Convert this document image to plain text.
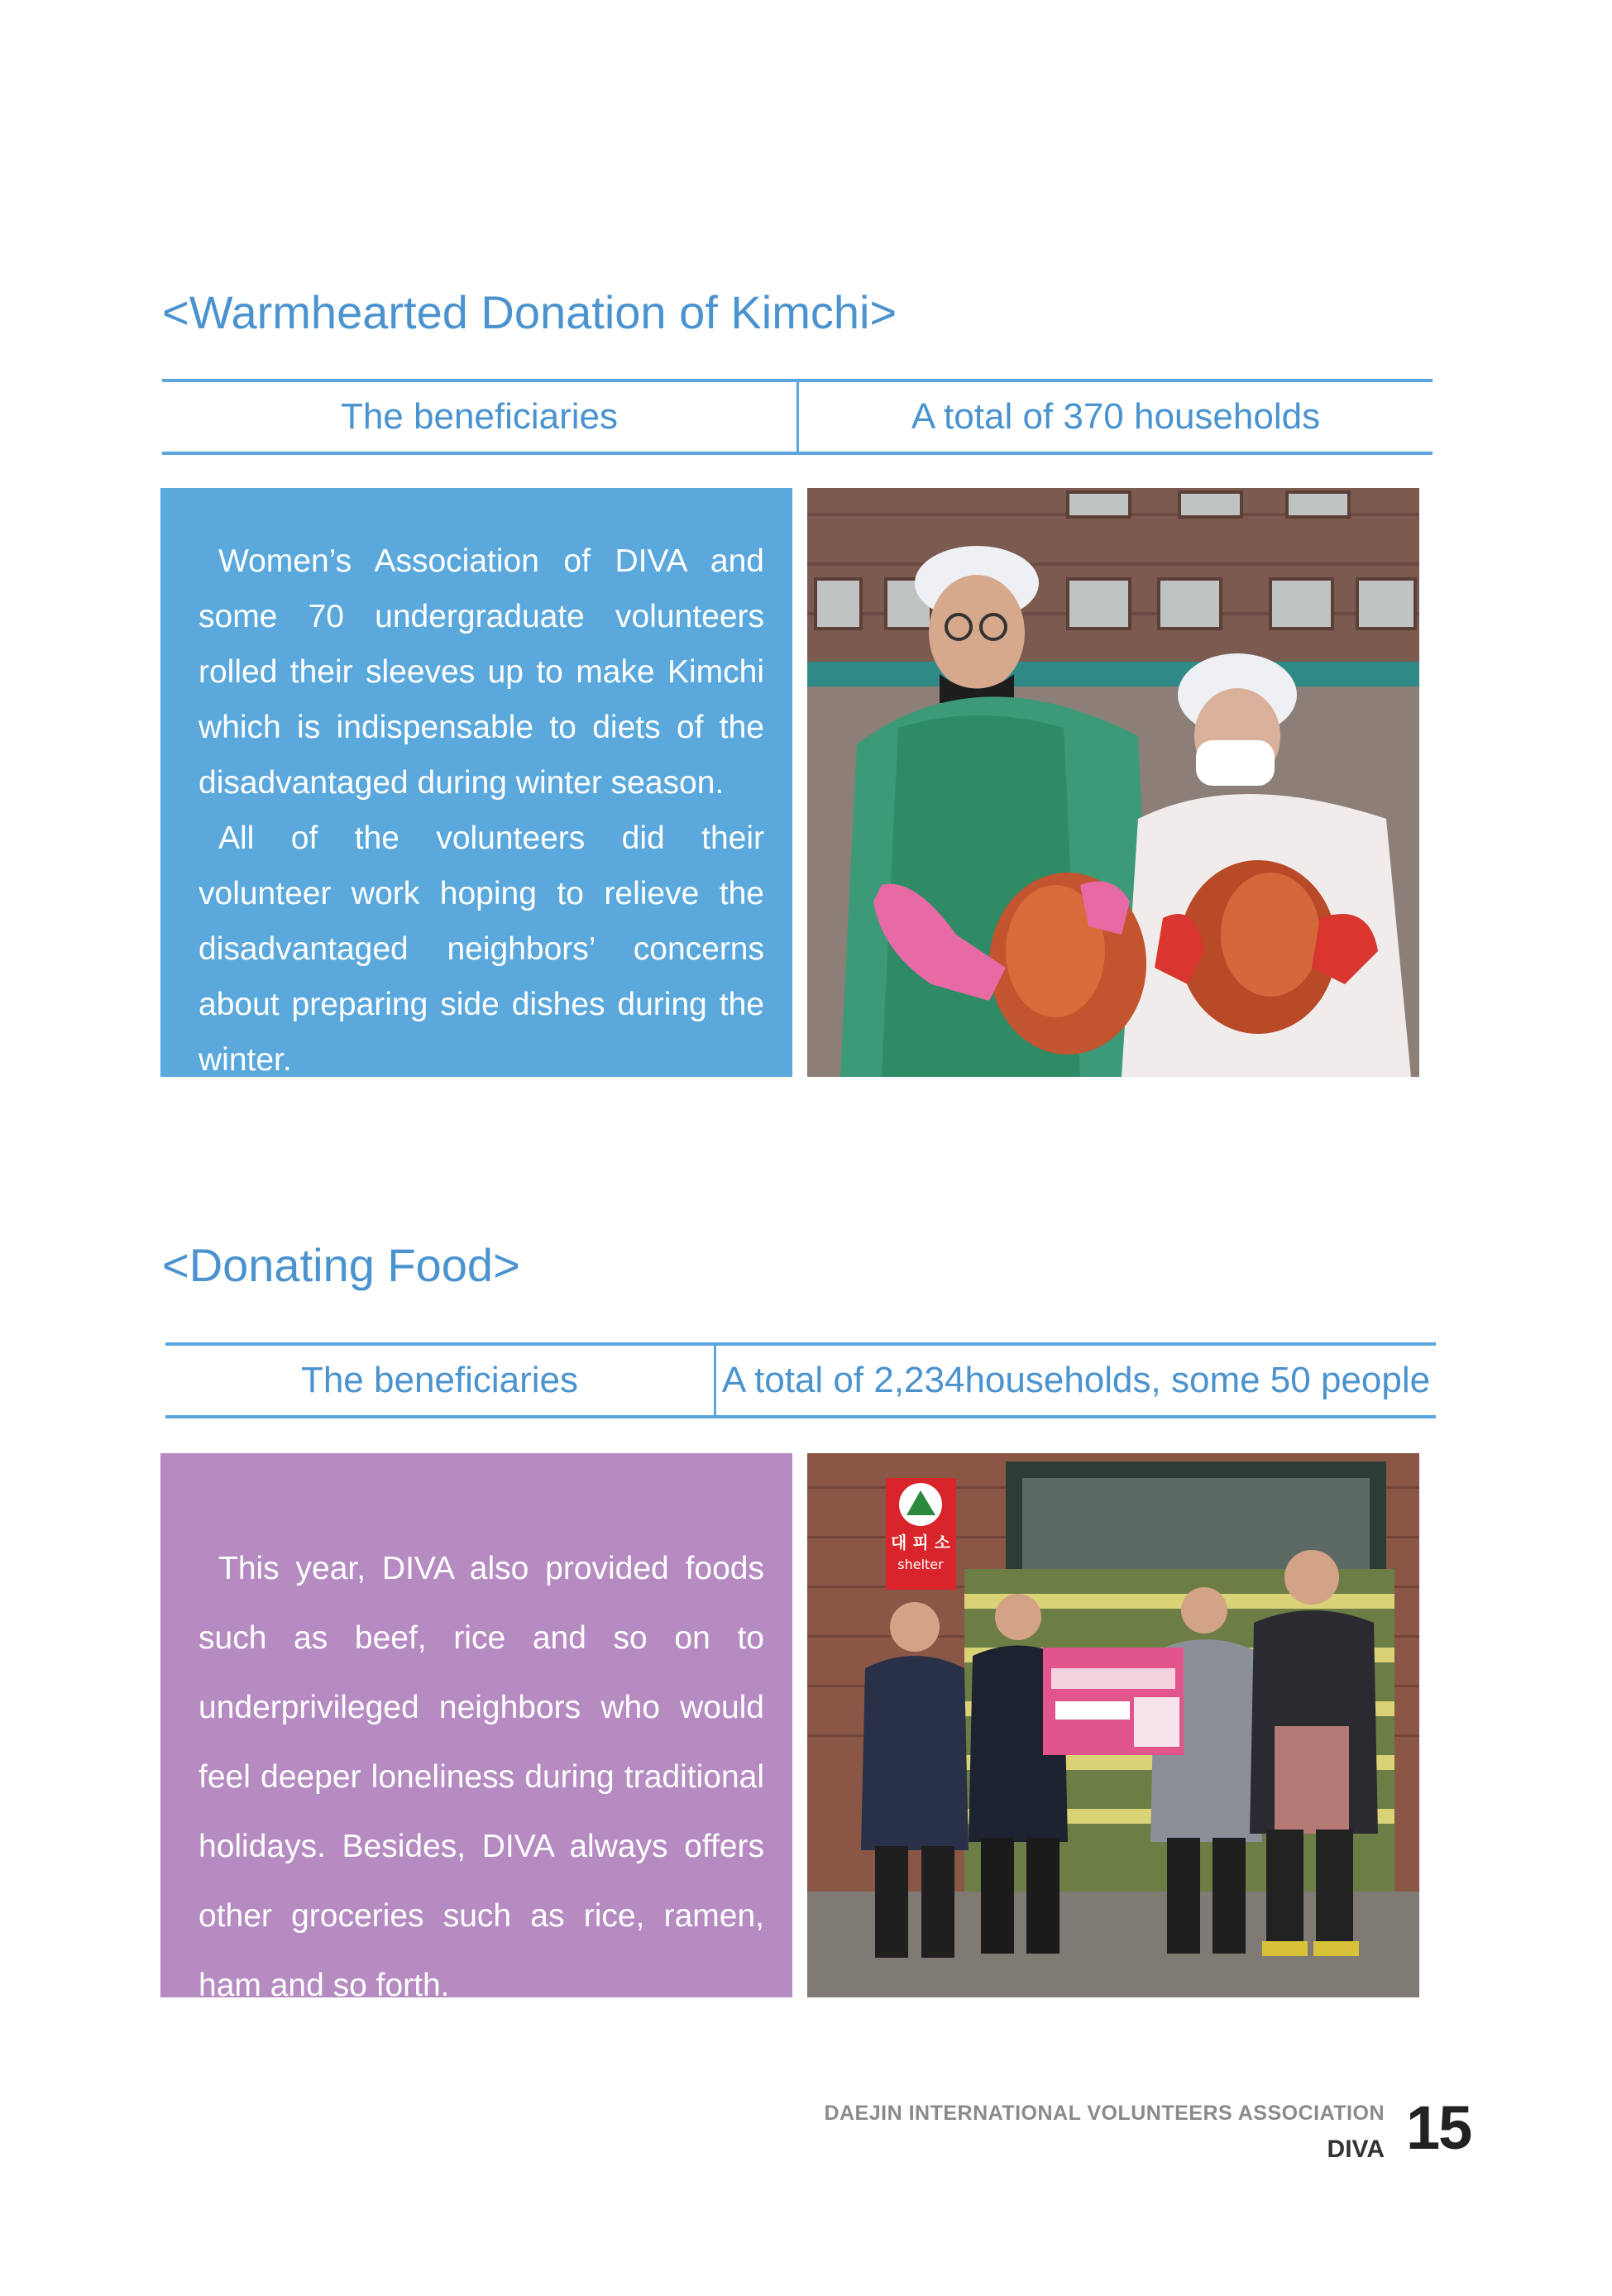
<Warmhearted Donation of Kimchi>
The beneficiaries	A total of 370 households

Women’s Association of DIVA and some 70 undergraduate volunteers rolled their sleeves up to make Kimchi which is indispensable to diets of the disadvantaged during winter season.

All of the volunteers did their volunteer work hoping to relieve the disadvantaged neighbors’ concerns about preparing side dishes during the winter.

<Donating Food>
The beneficiaries	A total of 2,234households, some 50 people

This year, DIVA also provided foods such as beef, rice and so on to underprivileged neighbors who would feel deeper loneliness during traditional holidays. Besides, DIVA always offers other groceries such as rice, ramen, ham and so forth.

대 피 소
shelter
DAEJIN INTERNATIONAL VOLUNTEERS ASSOCIATION
DIVA 15
